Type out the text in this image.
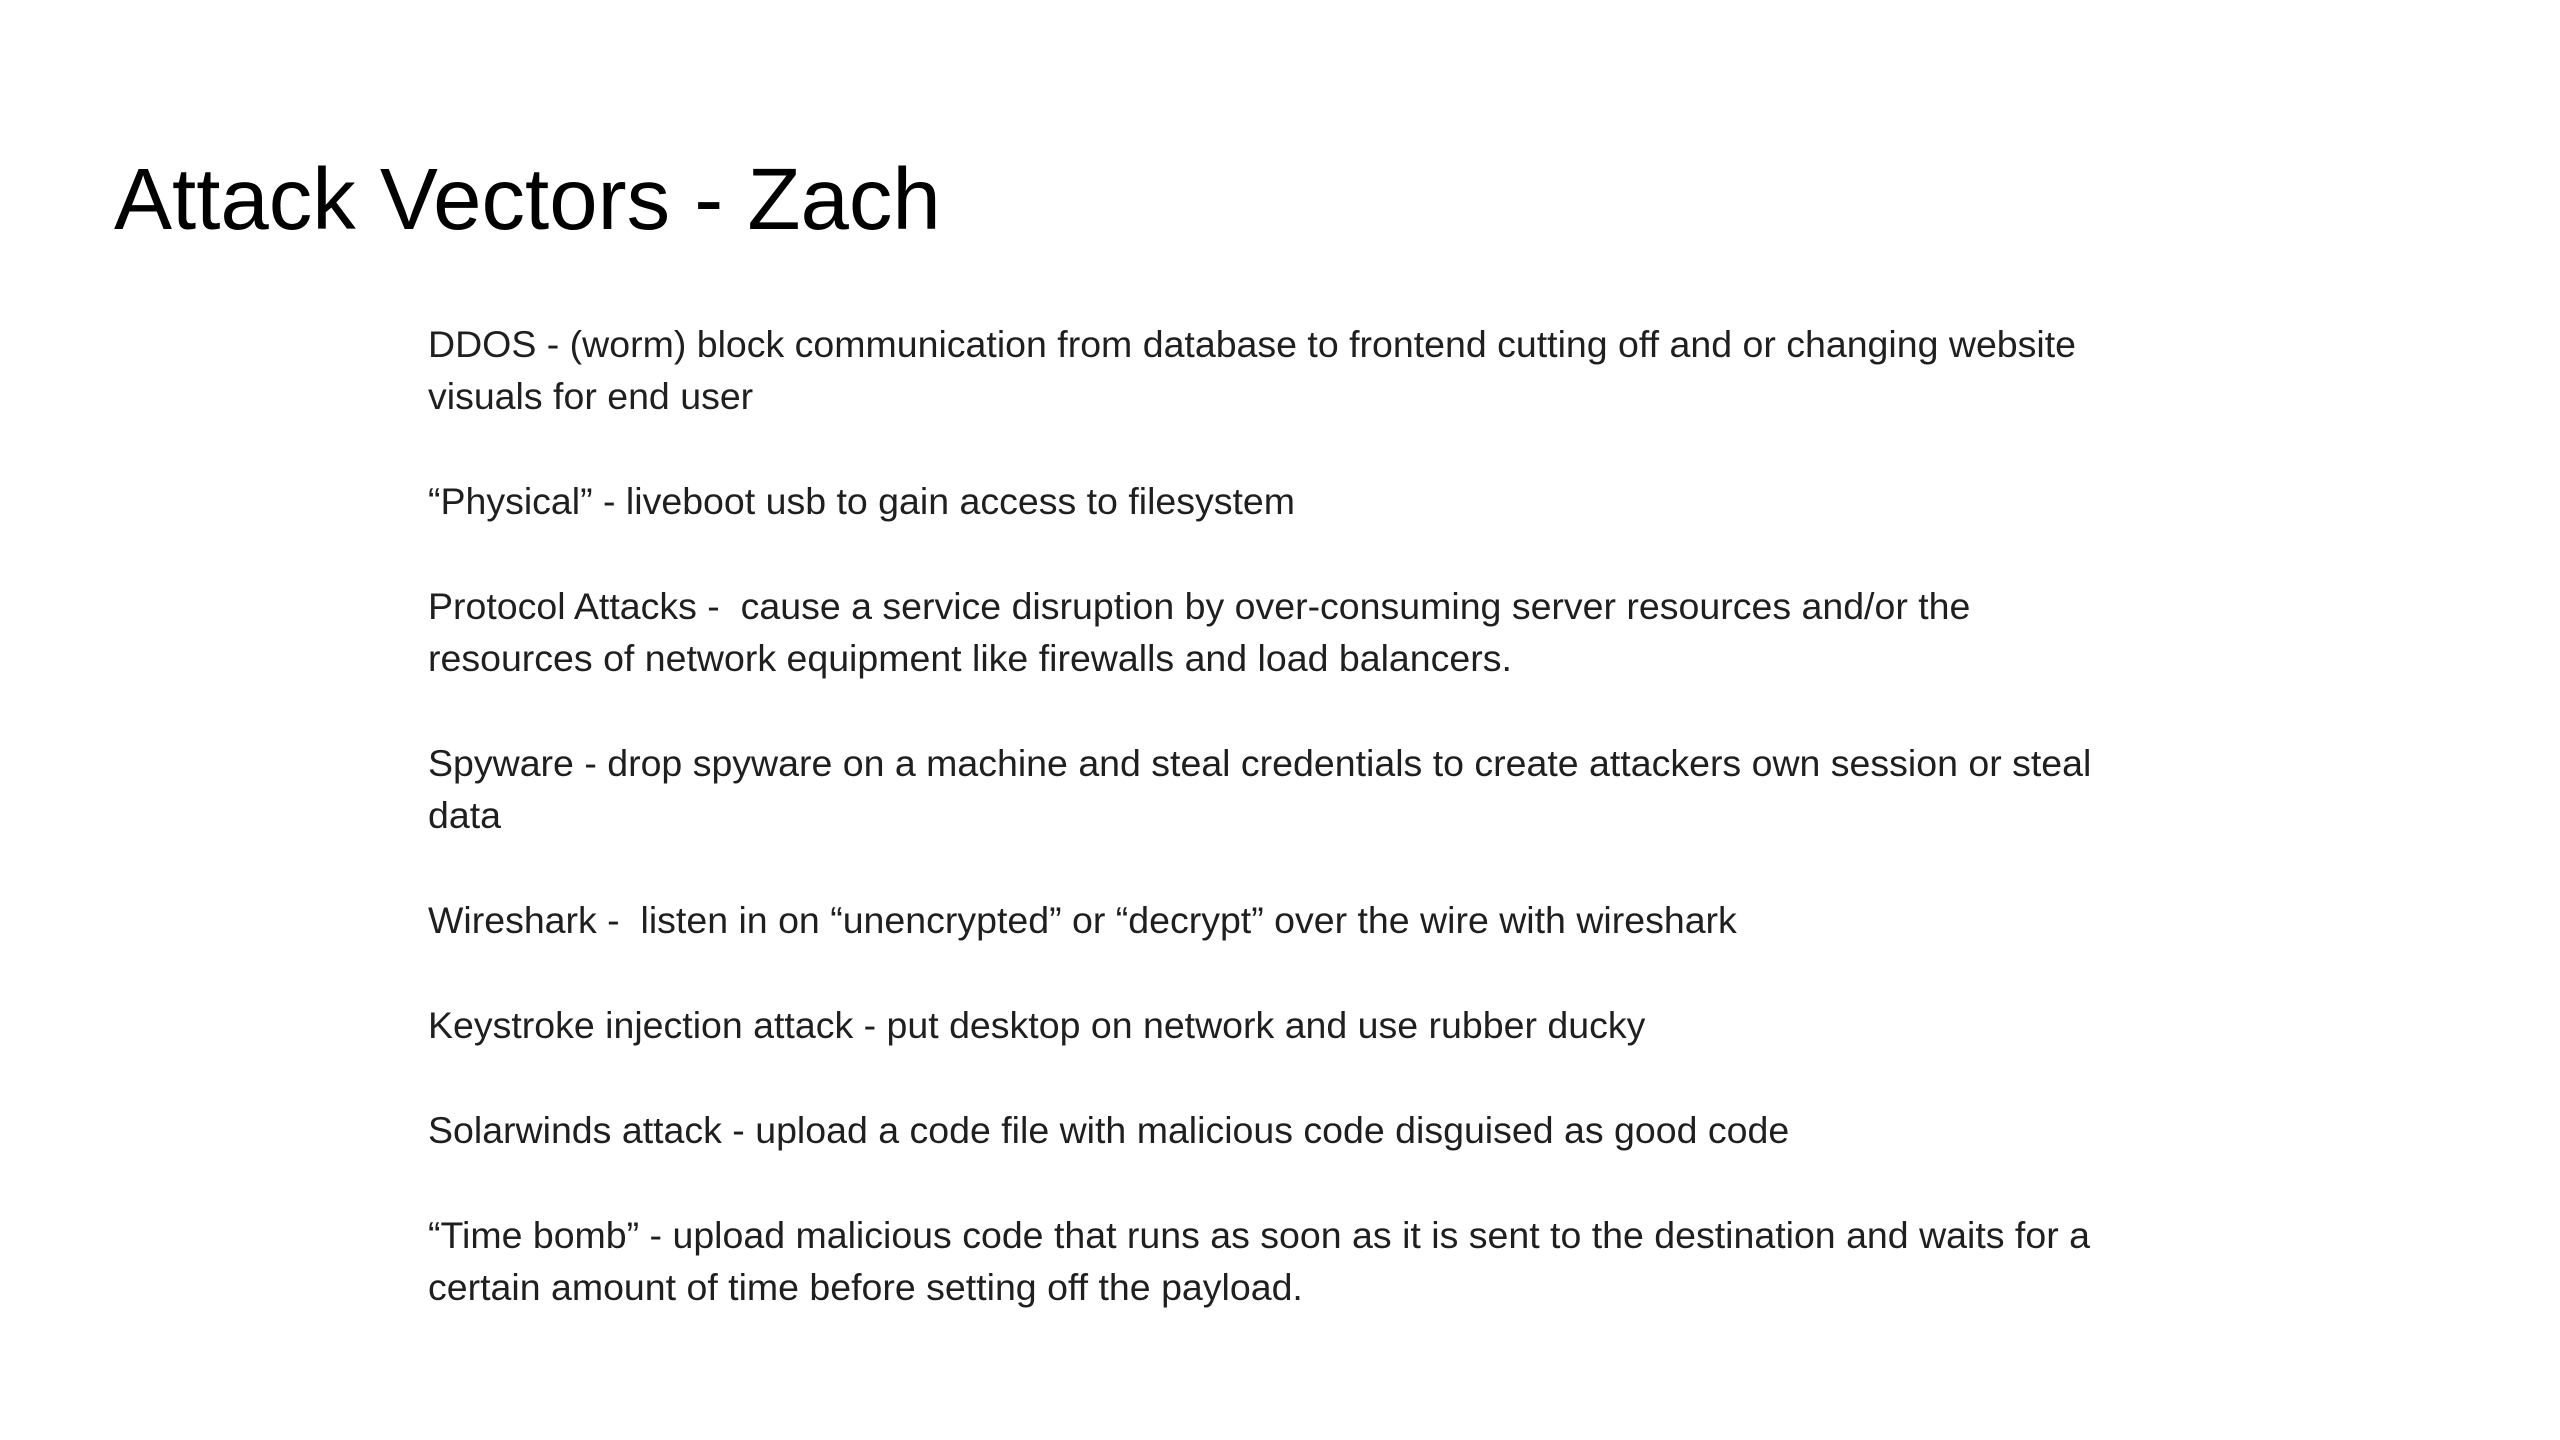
Attack Vectors - Zach
DDOS - (worm) block communication from database to frontend cutting off and or changing website visuals for end user
“Physical” - liveboot usb to gain access to filesystem
Protocol Attacks -  cause a service disruption by over-consuming server resources and/or the resources of network equipment like firewalls and load balancers.
Spyware - drop spyware on a machine and steal credentials to create attackers own session or steal data
Wireshark -  listen in on “unencrypted” or “decrypt” over the wire with wireshark
Keystroke injection attack - put desktop on network and use rubber ducky
Solarwinds attack - upload a code file with malicious code disguised as good code
“Time bomb” - upload malicious code that runs as soon as it is sent to the destination and waits for a certain amount of time before setting off the payload.
